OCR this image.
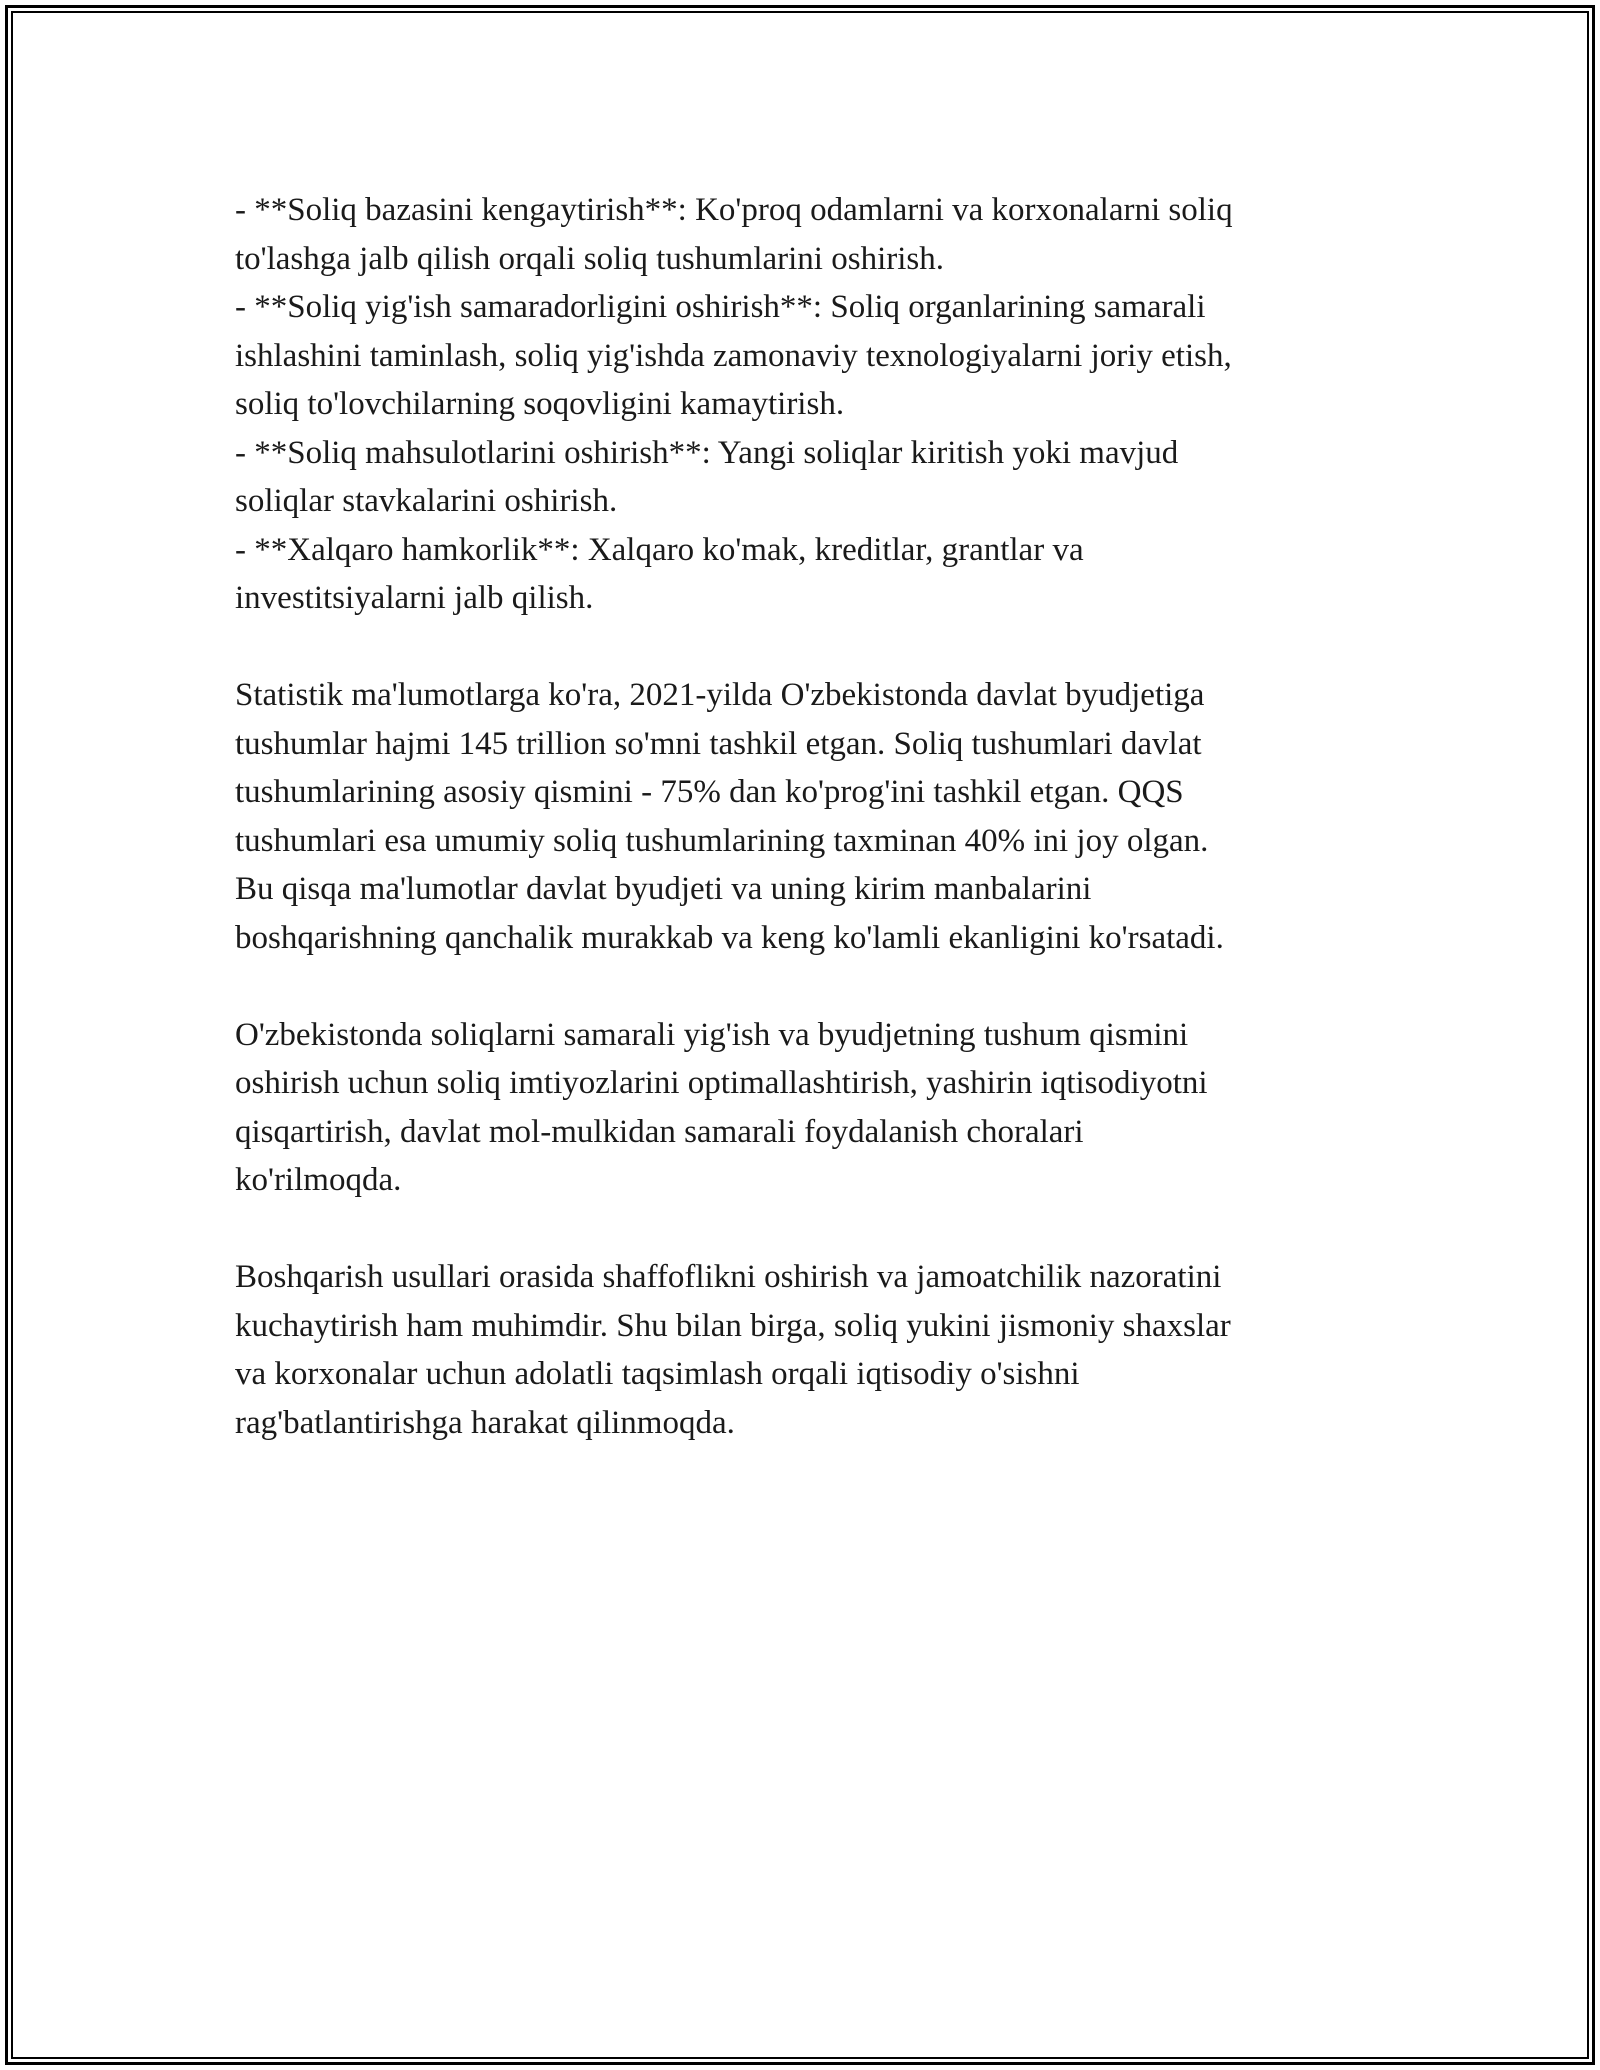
- **Soliq bazasini kengaytirish**: Ko'proq odamlarni va korxonalarni soliq
to'lashga jalb qilish orqali soliq tushumlarini oshirish.
- **Soliq yig'ish samaradorligini oshirish**: Soliq organlarining samarali
ishlashini taminlash, soliq yig'ishda zamonaviy texnologiyalarni joriy etish,
soliq to'lovchilarning soqovligini kamaytirish.
- **Soliq mahsulotlarini oshirish**: Yangi soliqlar kiritish yoki mavjud
soliqlar stavkalarini oshirish.
- **Xalqaro hamkorlik**: Xalqaro ko'mak, kreditlar, grantlar va
investitsiyalarni jalb qilish.
Statistik ma'lumotlarga ko'ra, 2021-yilda O'zbekistonda davlat byudjetiga
tushumlar hajmi 145 trillion so'mni tashkil etgan. Soliq tushumlari davlat
tushumlarining asosiy qismini - 75% dan ko'prog'ini tashkil etgan. QQS
tushumlari esa umumiy soliq tushumlarining taxminan 40% ini joy olgan.
Bu qisqa ma'lumotlar davlat byudjeti va uning kirim manbalarini
boshqarishning qanchalik murakkab va keng ko'lamli ekanligini ko'rsatadi.
O'zbekistonda soliqlarni samarali yig'ish va byudjetning tushum qismini
oshirish uchun soliq imtiyozlarini optimallashtirish, yashirin iqtisodiyotni
qisqartirish, davlat mol-mulkidan samarali foydalanish choralari
ko'rilmoqda.
Boshqarish usullari orasida shaffoflikni oshirish va jamoatchilik nazoratini
kuchaytirish ham muhimdir. Shu bilan birga, soliq yukini jismoniy shaxslar
va korxonalar uchun adolatli taqsimlash orqali iqtisodiy o'sishni
rag'batlantirishga harakat qilinmoqda.
